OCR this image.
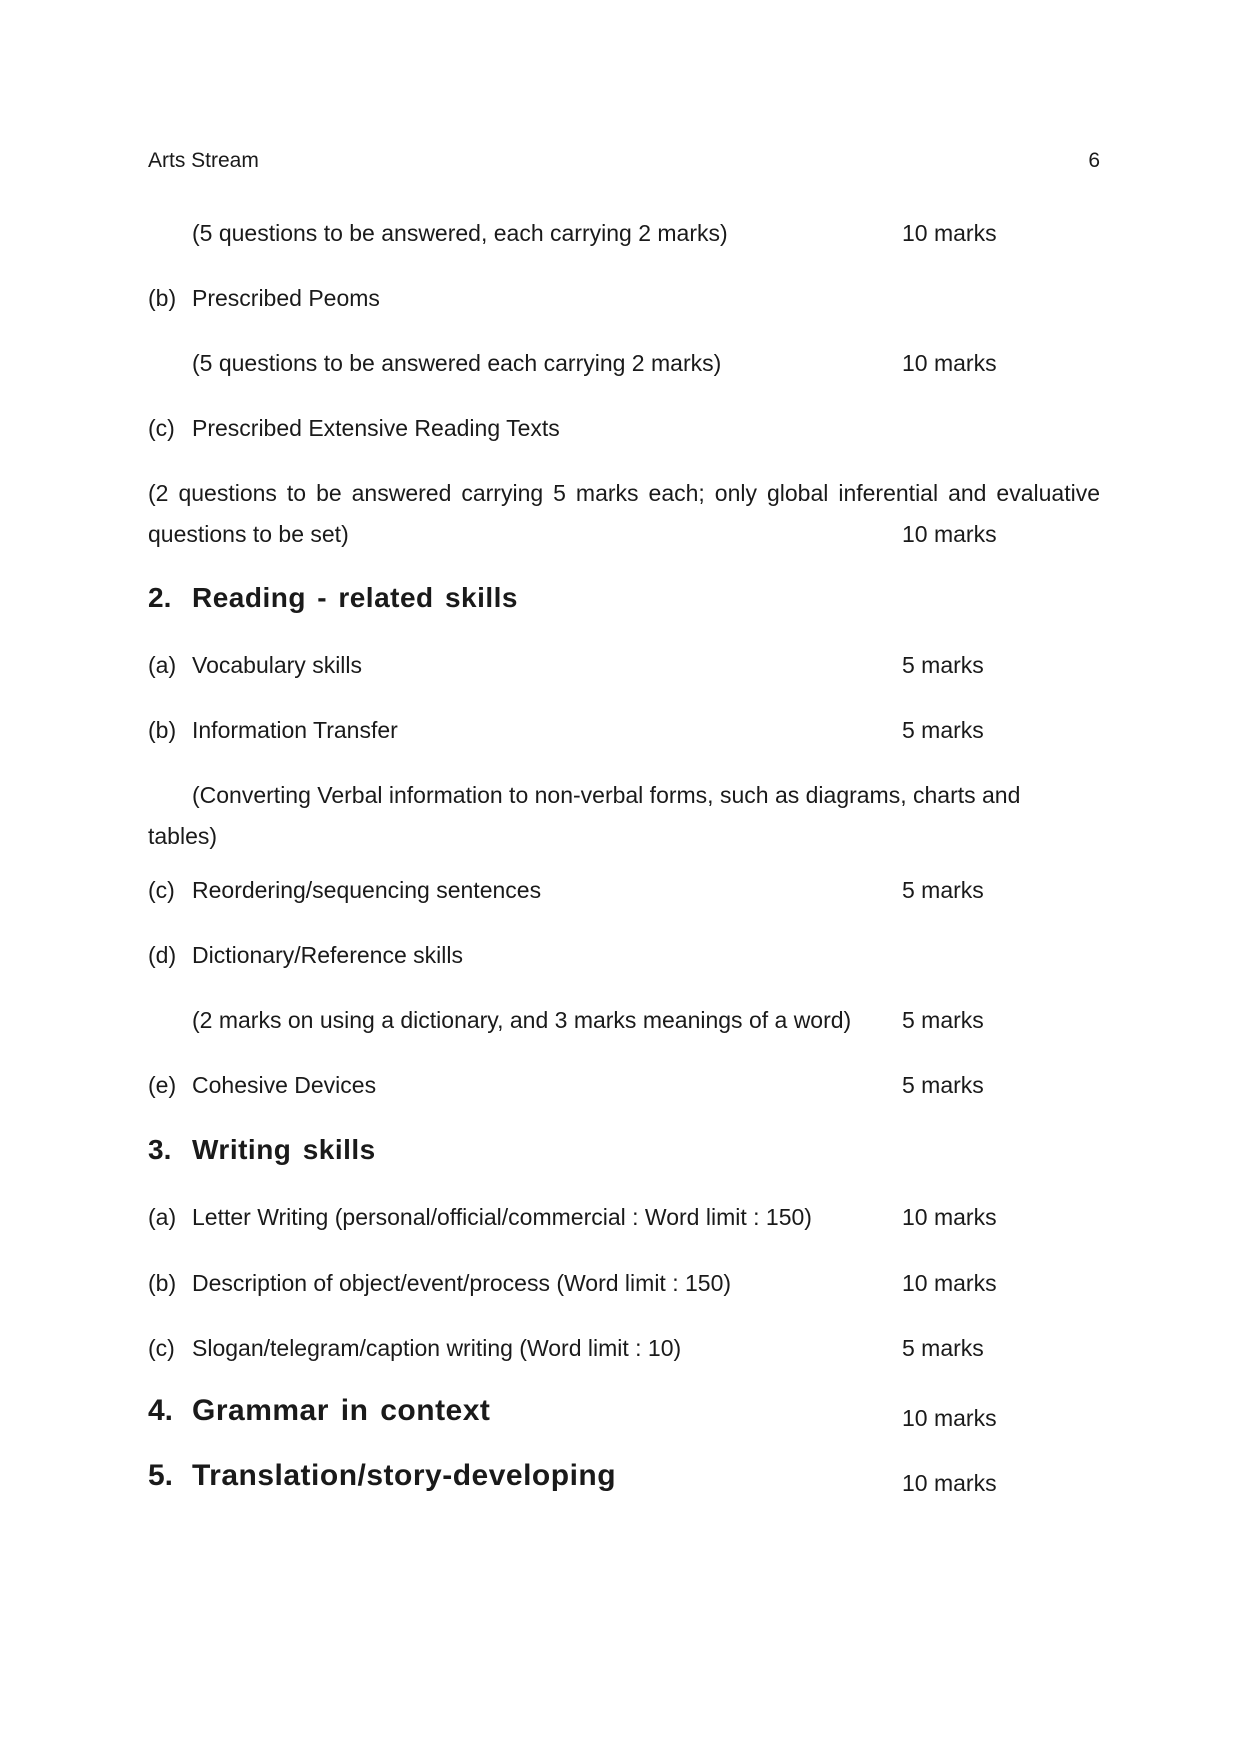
Arts Stream	6
(5 questions to be answered, each carrying 2 marks)	10 marks
(b) Prescribed Peoms
(5 questions to be answered each carrying 2 marks)	10 marks
(c) Prescribed Extensive Reading Texts
(2 questions to be answered carrying 5 marks each; only global inferential and evaluative
questions to be set)	10 marks
2. Reading - related skills
(a) Vocabulary skills	5 marks
(b) Information Transfer	5 marks
(Converting Verbal information to non-verbal forms, such as diagrams, charts and
tables)
(c) Reordering/sequencing sentences	5 marks
(d) Dictionary/Reference skills
(2 marks on using a dictionary, and 3 marks meanings of a word) 5 marks
(e) Cohesive Devices	5 marks
3. Writing skills
(a) Letter Writing (personal/official/commercial : Word limit : 150)	10 marks
(b) Description of object/event/process (Word limit : 150)	10 marks
(c) Slogan/telegram/caption writing (Word limit : 10)	5 marks
4. Grammar in context	10 marks
5. Translation/story-developing	10 marks
